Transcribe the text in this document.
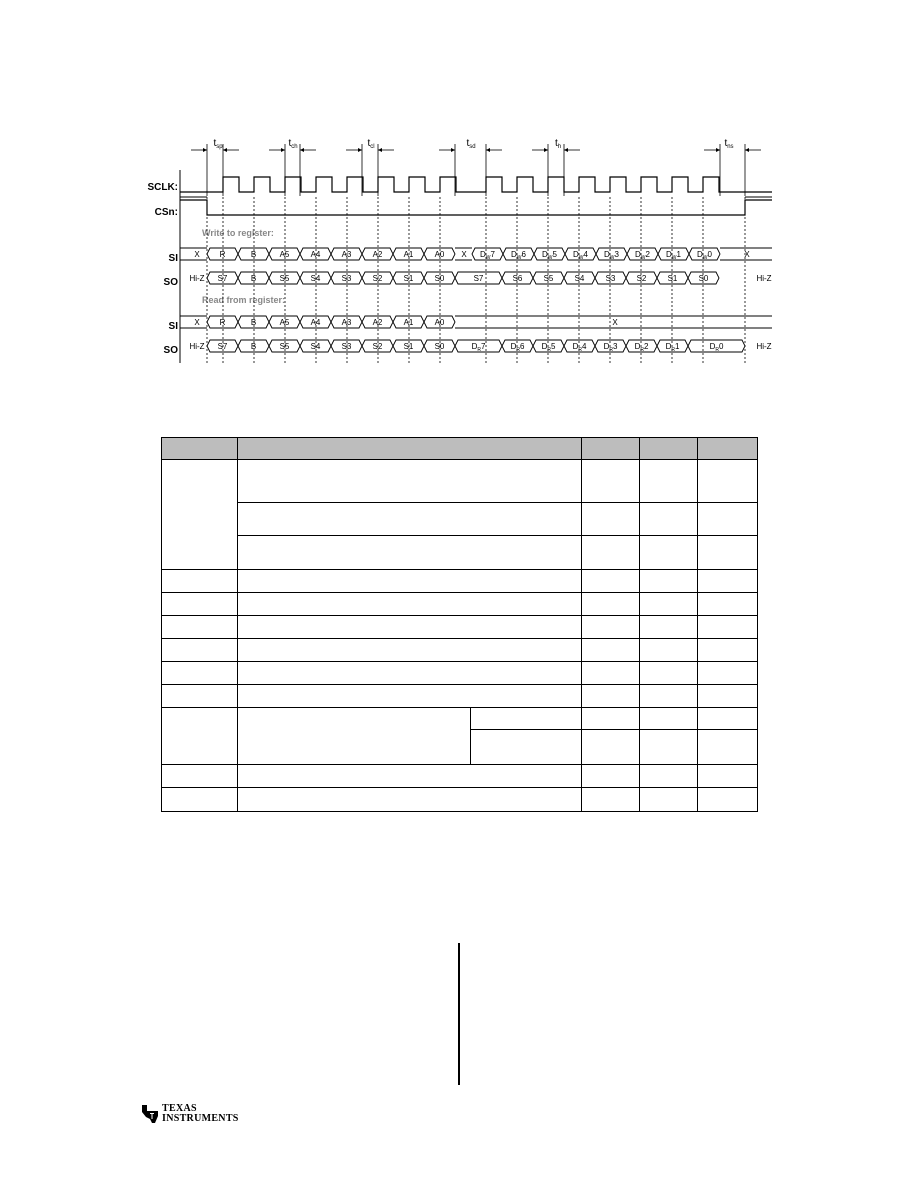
SCLK:
CSn:
SI
SO
SI
SO
Write to register:
Read from register:
X R	B	A5	A4	A3	A2	A1	A0 X $D_W7$ $D_W6$ $D_W5$ $D_W4$ $D_W3$ $D_W2$ $D_W1$ $D_W0$	X
Hi-Z S7	B	S5	S4	S3	S2	S1	S0	S7	S6	S5	S4	S3	S2	S1	S0	Hi-Z
X R	B	A5	A4	A3	A2	A1	A0	X
Hi-Z S7	B	S5	S4	S3	S2	S1	S0	$D_R7$	$D_R6$ $D_R5$ $D_R4$ $D_R3$ $D_R2$ $D_R1$	$D_R0$	Hi-Z
$t_{sp}$	$t_{ch}$	$t_{cl}$	$t_{sd}$	$t_h$	$t_{ns}$

TEXAS
INSTRUMENTS
